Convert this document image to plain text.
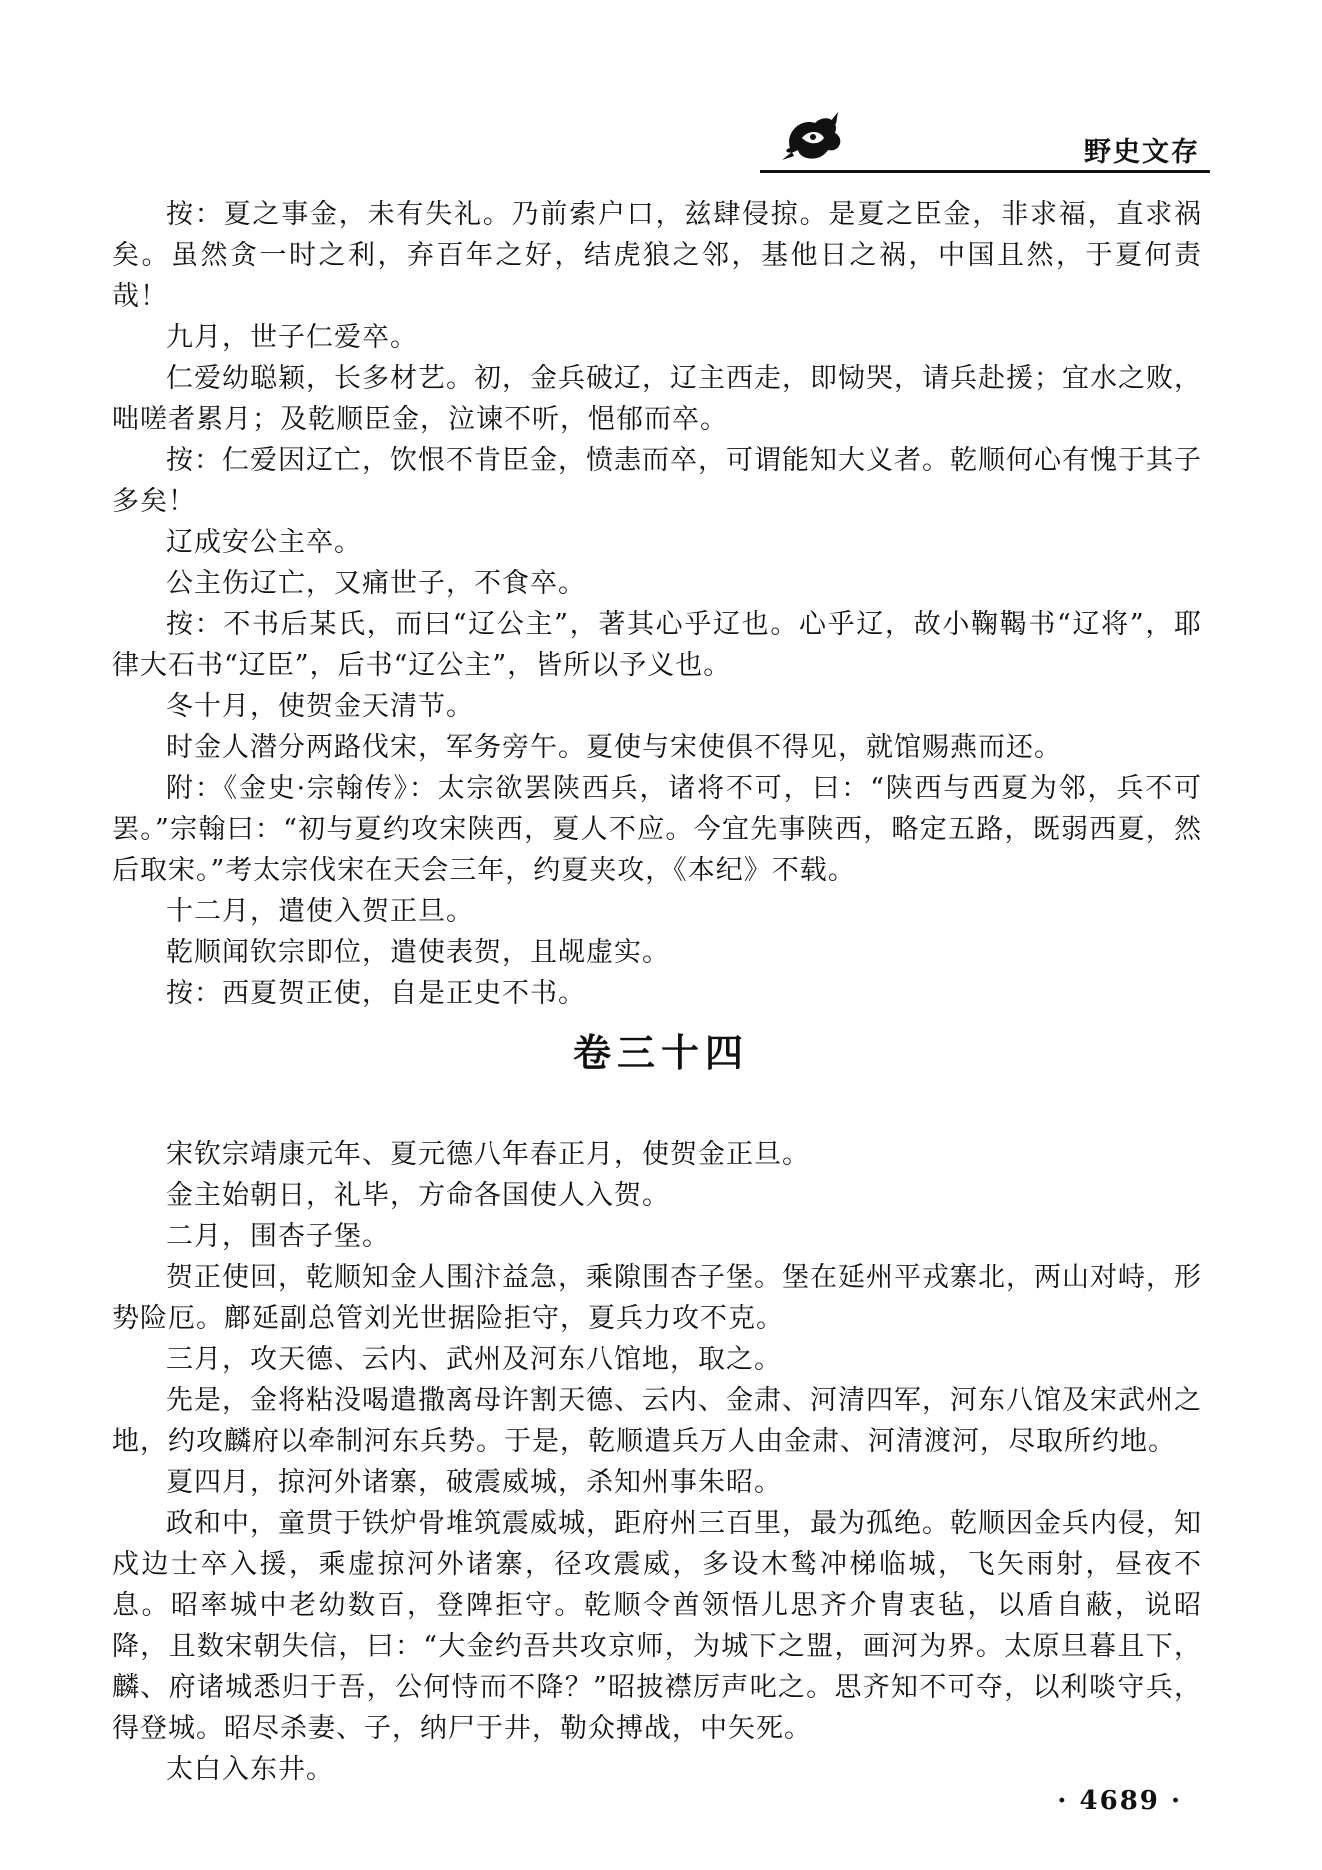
野史文存

按：夏之事金，未有失礼。乃前索户口，兹肆侵掠。是夏之臣金，非求福，直求祸矣。虽然贪一时之利，弃百年之好，结虎狼之邻，基他日之祸，中国且然，于夏何责哉！

九月，世子仁爱卒。

仁爱幼聪颖，长多材艺。初，金兵破辽，辽主西走，即恸哭，请兵赴援；宜水之败，咄嗟者累月；及乾顺臣金，泣谏不听，悒郁而卒。

按：仁爱因辽亡，饮恨不肯臣金，愤恚而卒，可谓能知大义者。乾顺何心有愧于其子多矣！

辽成安公主卒。

公主伤辽亡，又痛世子，不食卒。

按：不书后某氏，而曰“辽公主”，著其心乎辽也。心乎辽，故小鞠鞨书“辽将”，耶律大石书“辽臣”，后书“辽公主”，皆所以予义也。

冬十月，使贺金天清节。

时金人潜分两路伐宋，军务旁午。夏使与宋使俱不得见，就馆赐燕而还。

附：《金史·宗翰传》：太宗欲罢陕西兵，诸将不可，曰：“陕西与西夏为邻，兵不可罢。”宗翰曰：“初与夏约攻宋陕西，夏人不应。今宜先事陕西，略定五路，既弱西夏，然后取宋。”考太宗伐宋在天会三年，约夏夹攻，《本纪》不载。

十二月，遣使入贺正旦。

乾顺闻钦宗即位，遣使表贺，且觇虚实。

按：西夏贺正使，自是正史不书。

卷三十四

宋钦宗靖康元年、夏元德八年春正月，使贺金正旦。

金主始朝日，礼毕，方命各国使人入贺。

二月，围杏子堡。

贺正使回，乾顺知金人围汴益急，乘隙围杏子堡。堡在延州平戎寨北，两山对峙，形势险厄。鄜延副总管刘光世据险拒守，夏兵力攻不克。

三月，攻天德、云内、武州及河东八馆地，取之。

先是，金将粘没喝遣撒离母许割天德、云内、金肃、河清四军，河东八馆及宋武州之地，约攻麟府以牵制河东兵势。于是，乾顺遣兵万人由金肃、河清渡河，尽取所约地。

夏四月，掠河外诸寨，破震威城，杀知州事朱昭。

政和中，童贯于铁炉骨堆筑震威城，距府州三百里，最为孤绝。乾顺因金兵内侵，知戍边士卒入援，乘虚掠河外诸寨，径攻震威，多设木鹙冲梯临城，飞矢雨射，昼夜不息。昭率城中老幼数百，登陴拒守。乾顺令酋领悟儿思齐介胄衷毡，以盾自蔽，说昭降，且数宋朝失信，曰：“大金约吾共攻京师，为城下之盟，画河为界。太原旦暮且下，麟、府诸城悉归于吾，公何恃而不降？”昭披襟厉声叱之。思齐知不可夺，以利啖守兵，得登城。昭尽杀妻、子，纳尸于井，勒众搏战，中矢死。

太白入东井。

· 4689 ·
